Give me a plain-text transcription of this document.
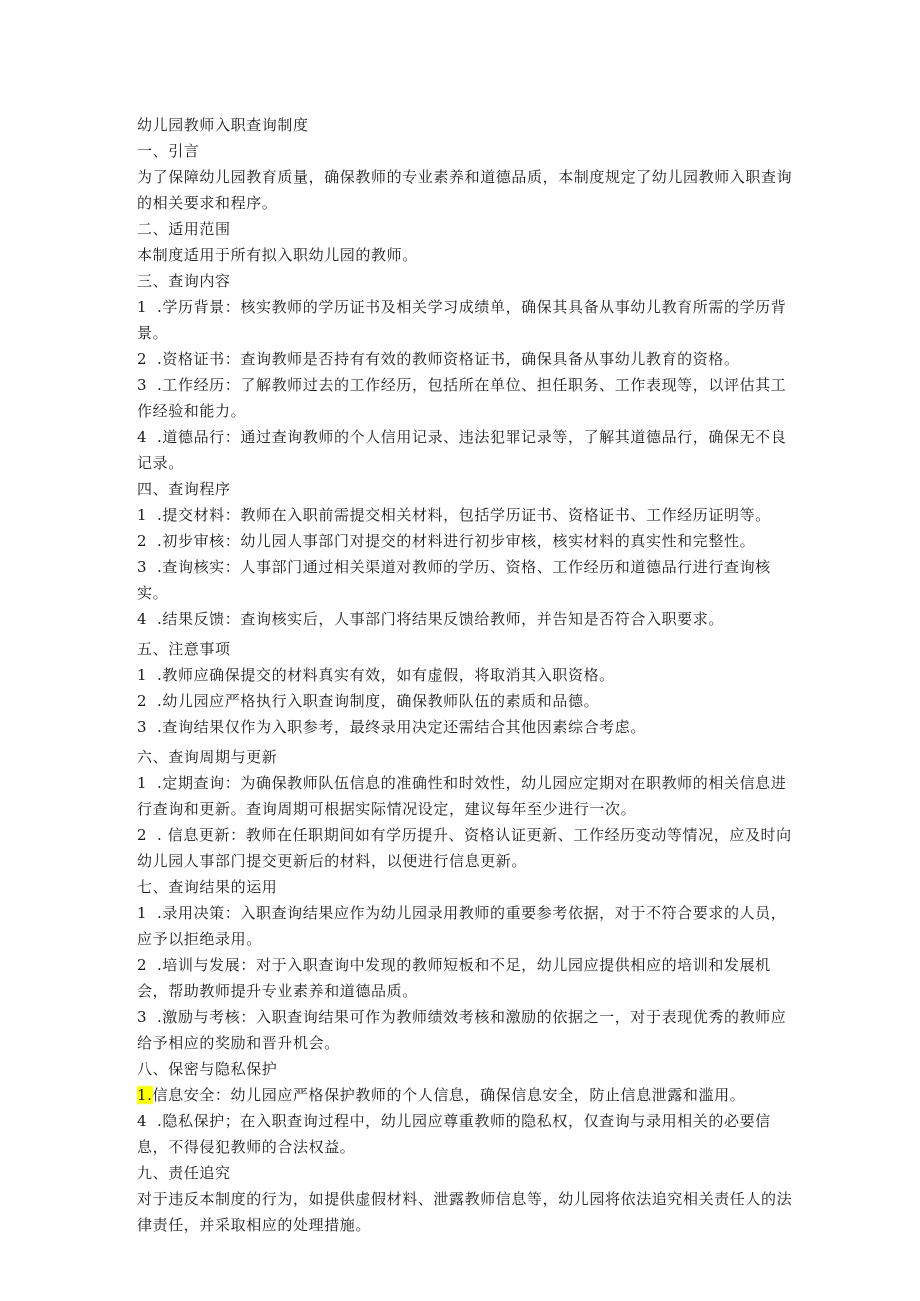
幼儿园教师入职查询制度

一、引言

为了保障幼儿园教育质量，确保教师的专业素养和道德品质，本制度规定了幼儿园教师入职查询的相关要求和程序。

二、适用范围

本制度适用于所有拟入职幼儿园的教师。

三、查询内容

1 .学历背景：核实教师的学历证书及相关学习成绩单，确保其具备从事幼儿教育所需的学历背景。

2 .资格证书：查询教师是否持有有效的教师资格证书，确保具备从事幼儿教育的资格。

3 .工作经历：了解教师过去的工作经历，包括所在单位、担任职务、工作表现等，以评估其工作经验和能力。

4 .道德品行：通过查询教师的个人信用记录、违法犯罪记录等，了解其道德品行，确保无不良记录。

四、查询程序

1 .提交材料：教师在入职前需提交相关材料，包括学历证书、资格证书、工作经历证明等。

2 .初步审核：幼儿园人事部门对提交的材料进行初步审核，核实材料的真实性和完整性。

3 .查询核实：人事部门通过相关渠道对教师的学历、资格、工作经历和道德品行进行查询核实。

4 .结果反馈：查询核实后，人事部门将结果反馈给教师，并告知是否符合入职要求。

五、注意事项

1 .教师应确保提交的材料真实有效，如有虚假，将取消其入职资格。

2 .幼儿园应严格执行入职查询制度，确保教师队伍的素质和品德。

3 .查询结果仅作为入职参考，最终录用决定还需结合其他因素综合考虑。

六、查询周期与更新

1 .定期查询：为确保教师队伍信息的准确性和时效性，幼儿园应定期对在职教师的相关信息进行查询和更新。查询周期可根据实际情况设定，建议每年至少进行一次。

2 . 信息更新：教师在任职期间如有学历提升、资格认证更新、工作经历变动等情况，应及时向幼儿园人事部门提交更新后的材料，以便进行信息更新。

七、查询结果的运用

1 .录用决策：入职查询结果应作为幼儿园录用教师的重要参考依据，对于不符合要求的人员，应予以拒绝录用。

2 .培训与发展：对于入职查询中发现的教师短板和不足，幼儿园应提供相应的培训和发展机会，帮助教师提升专业素养和道德品质。

3 .激励与考核：入职查询结果可作为教师绩效考核和激励的依据之一，对于表现优秀的教师应给予相应的奖励和晋升机会。

八、保密与隐私保护

1.信息安全：幼儿园应严格保护教师的个人信息，确保信息安全，防止信息泄露和滥用。

4 .隐私保护；在入职查询过程中，幼儿园应尊重教师的隐私权，仅查询与录用相关的必要信息，不得侵犯教师的合法权益。

九、责任追究

对于违反本制度的行为，如提供虚假材料、泄露教师信息等，幼儿园将依法追究相关责任人的法律责任，并采取相应的处理措施。
